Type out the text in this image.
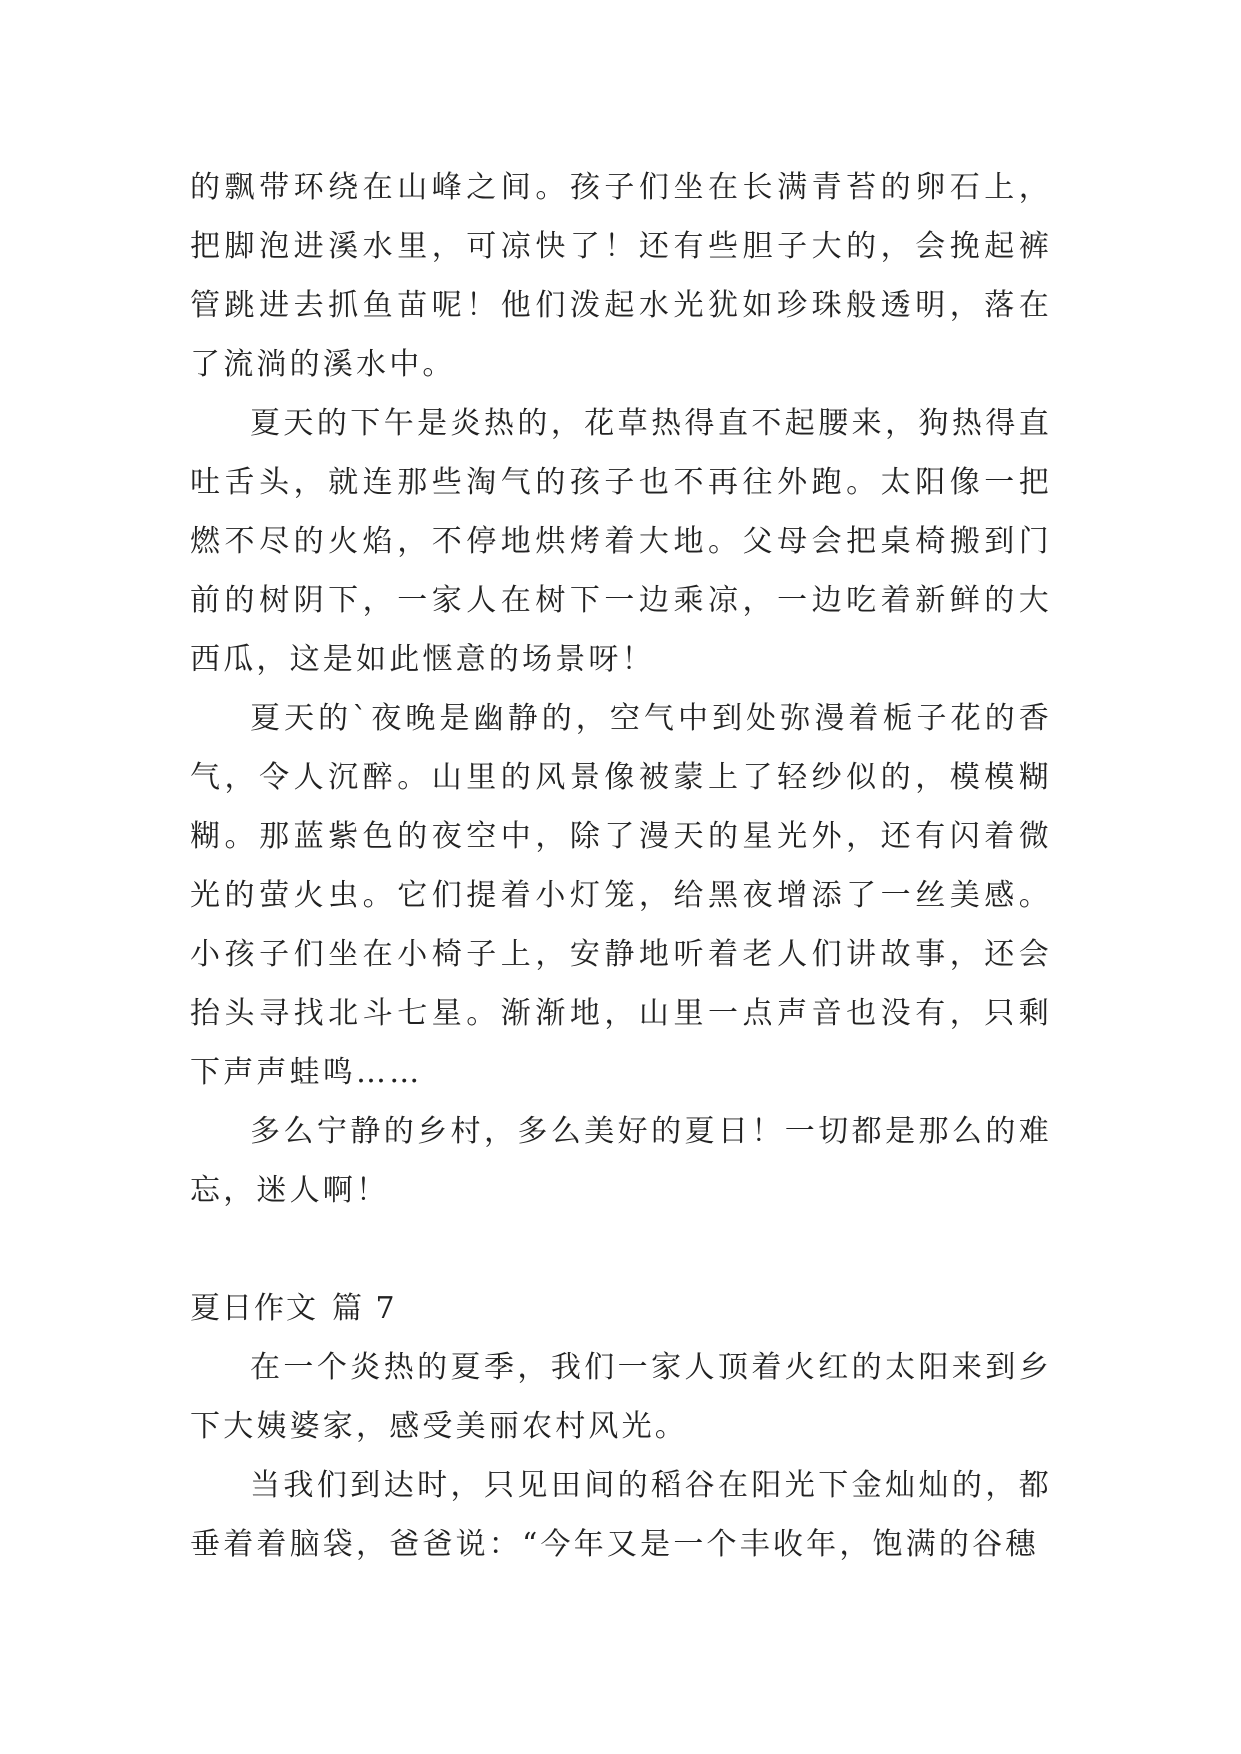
的飘带环绕在山峰之间。孩子们坐在长满青苔的卵石上，把脚泡进溪水里，可凉快了！还有些胆子大的，会挽起裤管跳进去抓鱼苗呢！他们泼起水光犹如珍珠般透明，落在了流淌的溪水中。

夏天的下午是炎热的，花草热得直不起腰来，狗热得直吐舌头，就连那些淘气的孩子也不再往外跑。太阳像一把燃不尽的火焰，不停地烘烤着大地。父母会把桌椅搬到门前的树阴下，一家人在树下一边乘凉，一边吃着新鲜的大西瓜，这是如此惬意的场景呀！

夏天的`夜晚是幽静的，空气中到处弥漫着栀子花的香气，令人沉醉。山里的风景像被蒙上了轻纱似的，模模糊糊。那蓝紫色的夜空中，除了漫天的星光外，还有闪着微光的萤火虫。它们提着小灯笼，给黑夜增添了一丝美感。小孩子们坐在小椅子上，安静地听着老人们讲故事，还会抬头寻找北斗七星。渐渐地，山里一点声音也没有，只剩下声声蛙鸣……

多么宁静的乡村，多么美好的夏日！一切都是那么的难忘，迷人啊！

夏日作文 篇 7

在一个炎热的夏季，我们一家人顶着火红的太阳来到乡下大姨婆家，感受美丽农村风光。

当我们到达时，只见田间的稻谷在阳光下金灿灿的，都垂着着脑袋，爸爸说：“今年又是一个丰收年，饱满的谷穗
